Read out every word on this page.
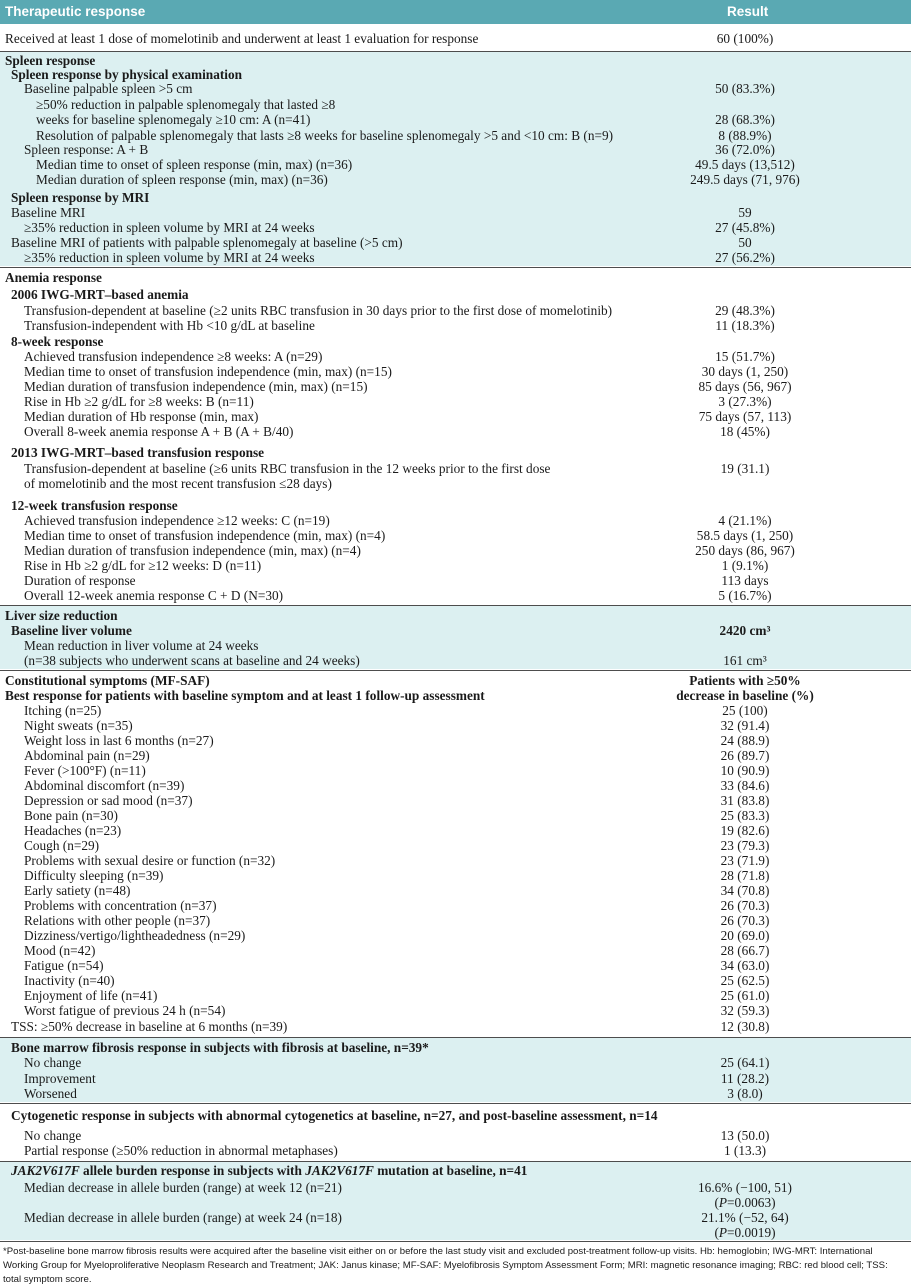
Therapeutic response	Result
Received at least 1 dose of momelotinib and underwent at least 1 evaluation for response	60 (100%)
Spleen response
Spleen response by physical examination
Baseline palpable spleen >5 cm	50 (83.3%)
≥50% reduction in palpable splenomegaly that lasted ≥8
weeks for baseline splenomegaly ≥10 cm: A (n=41)	28 (68.3%)
Resolution of palpable splenomegaly that lasts ≥8 weeks for baseline splenomegaly >5 and <10 cm: B (n=9)	8 (88.9%)
Spleen response: A + B	36 (72.0%)
Median time to onset of spleen response (min, max) (n=36)	49.5 days (13,512)
Median duration of spleen response (min, max) (n=36)	249.5 days (71, 976)
Spleen response by MRI
Baseline MRI	59
≥35% reduction in spleen volume by MRI at 24 weeks	27 (45.8%)
Baseline MRI of patients with palpable splenomegaly at baseline (>5 cm)	50
≥35% reduction in spleen volume by MRI at 24 weeks	27 (56.2%)
Anemia response
2006 IWG-MRT–based anemia
Transfusion-dependent at baseline (≥2 units RBC transfusion in 30 days prior to the first dose of momelotinib)	29 (48.3%)
Transfusion-independent with Hb <10 g/dL at baseline	11 (18.3%)
8-week response
Achieved transfusion independence ≥8 weeks: A (n=29)	15 (51.7%)
Median time to onset of transfusion independence (min, max) (n=15)	30 days (1, 250)
Median duration of transfusion independence (min, max) (n=15)	85 days (56, 967)
Rise in Hb ≥2 g/dL for ≥8 weeks: B (n=11)	3 (27.3%)
Median duration of Hb response (min, max)	75 days (57, 113)
Overall 8-week anemia response A + B (A + B/40)	18 (45%)
2013 IWG-MRT–based transfusion response
Transfusion-dependent at baseline (≥6 units RBC transfusion in the 12 weeks prior to the first dose	19 (31.1)
of momelotinib and the most recent transfusion ≤28 days)
12-week transfusion response
Achieved transfusion independence ≥12 weeks: C (n=19)	4 (21.1%)
Median time to onset of transfusion independence (min, max) (n=4)	58.5 days (1, 250)
Median duration of transfusion independence (min, max) (n=4)	250 days (86, 967)
Rise in Hb ≥2 g/dL for ≥12 weeks: D (n=11)	1 (9.1%)
Duration of response	113 days
Overall 12-week anemia response C + D (N=30)	5 (16.7%)
Liver size reduction
Baseline liver volume	2420 cm³
Mean reduction in liver volume at 24 weeks
(n=38 subjects who underwent scans at baseline and 24 weeks)	161 cm³
Constitutional symptoms (MF-SAF)	Patients with ≥50%
Best response for patients with baseline symptom and at least 1 follow-up assessment	decrease in baseline (%)
Itching (n=25)	25 (100)
Night sweats (n=35)	32 (91.4)
Weight loss in last 6 months (n=27)	24 (88.9)
Abdominal pain (n=29)	26 (89.7)
Fever (>100°F) (n=11)	10 (90.9)
Abdominal discomfort (n=39)	33 (84.6)
Depression or sad mood (n=37)	31 (83.8)
Bone pain (n=30)	25 (83.3)
Headaches (n=23)	19 (82.6)
Cough (n=29)	23 (79.3)
Problems with sexual desire or function (n=32)	23 (71.9)
Difficulty sleeping (n=39)	28 (71.8)
Early satiety (n=48)	34 (70.8)
Problems with concentration (n=37)	26 (70.3)
Relations with other people (n=37)	26 (70.3)
Dizziness/vertigo/lightheadedness (n=29)	20 (69.0)
Mood (n=42)	28 (66.7)
Fatigue (n=54)	34 (63.0)
Inactivity (n=40)	25 (62.5)
Enjoyment of life (n=41)	25 (61.0)
Worst fatigue of previous 24 h (n=54)	32 (59.3)
TSS: ≥50% decrease in baseline at 6 months (n=39)	12 (30.8)
Bone marrow fibrosis response in subjects with fibrosis at baseline, n=39*
No change	25 (64.1)
Improvement	11 (28.2)
Worsened	3 (8.0)
Cytogenetic response in subjects with abnormal cytogenetics at baseline, n=27, and post-baseline assessment, n=14
No change	13 (50.0)
Partial response (≥50% reduction in abnormal metaphases)	1 (13.3)
JAK2V617F allele burden response in subjects with JAK2V617F mutation at baseline, n=41
Median decrease in allele burden (range) at week 12 (n=21)	16.6% (−100, 51)
(P=0.0063)
Median decrease in allele burden (range) at week 24 (n=18)	21.1% (−52, 64)
(P=0.0019)
*Post-baseline bone marrow fibrosis results were acquired after the baseline visit either on or before the last study visit and excluded post-treatment follow-up visits. Hb: hemoglobin; IWG-MRT: International Working Group for Myeloproliferative Neoplasm Research and Treatment; JAK: Janus kinase; MF-SAF: Myelofibrosis Symptom Assessment Form; MRI: magnetic resonance imaging; RBC: red blood cell; TSS: total symptom score.
